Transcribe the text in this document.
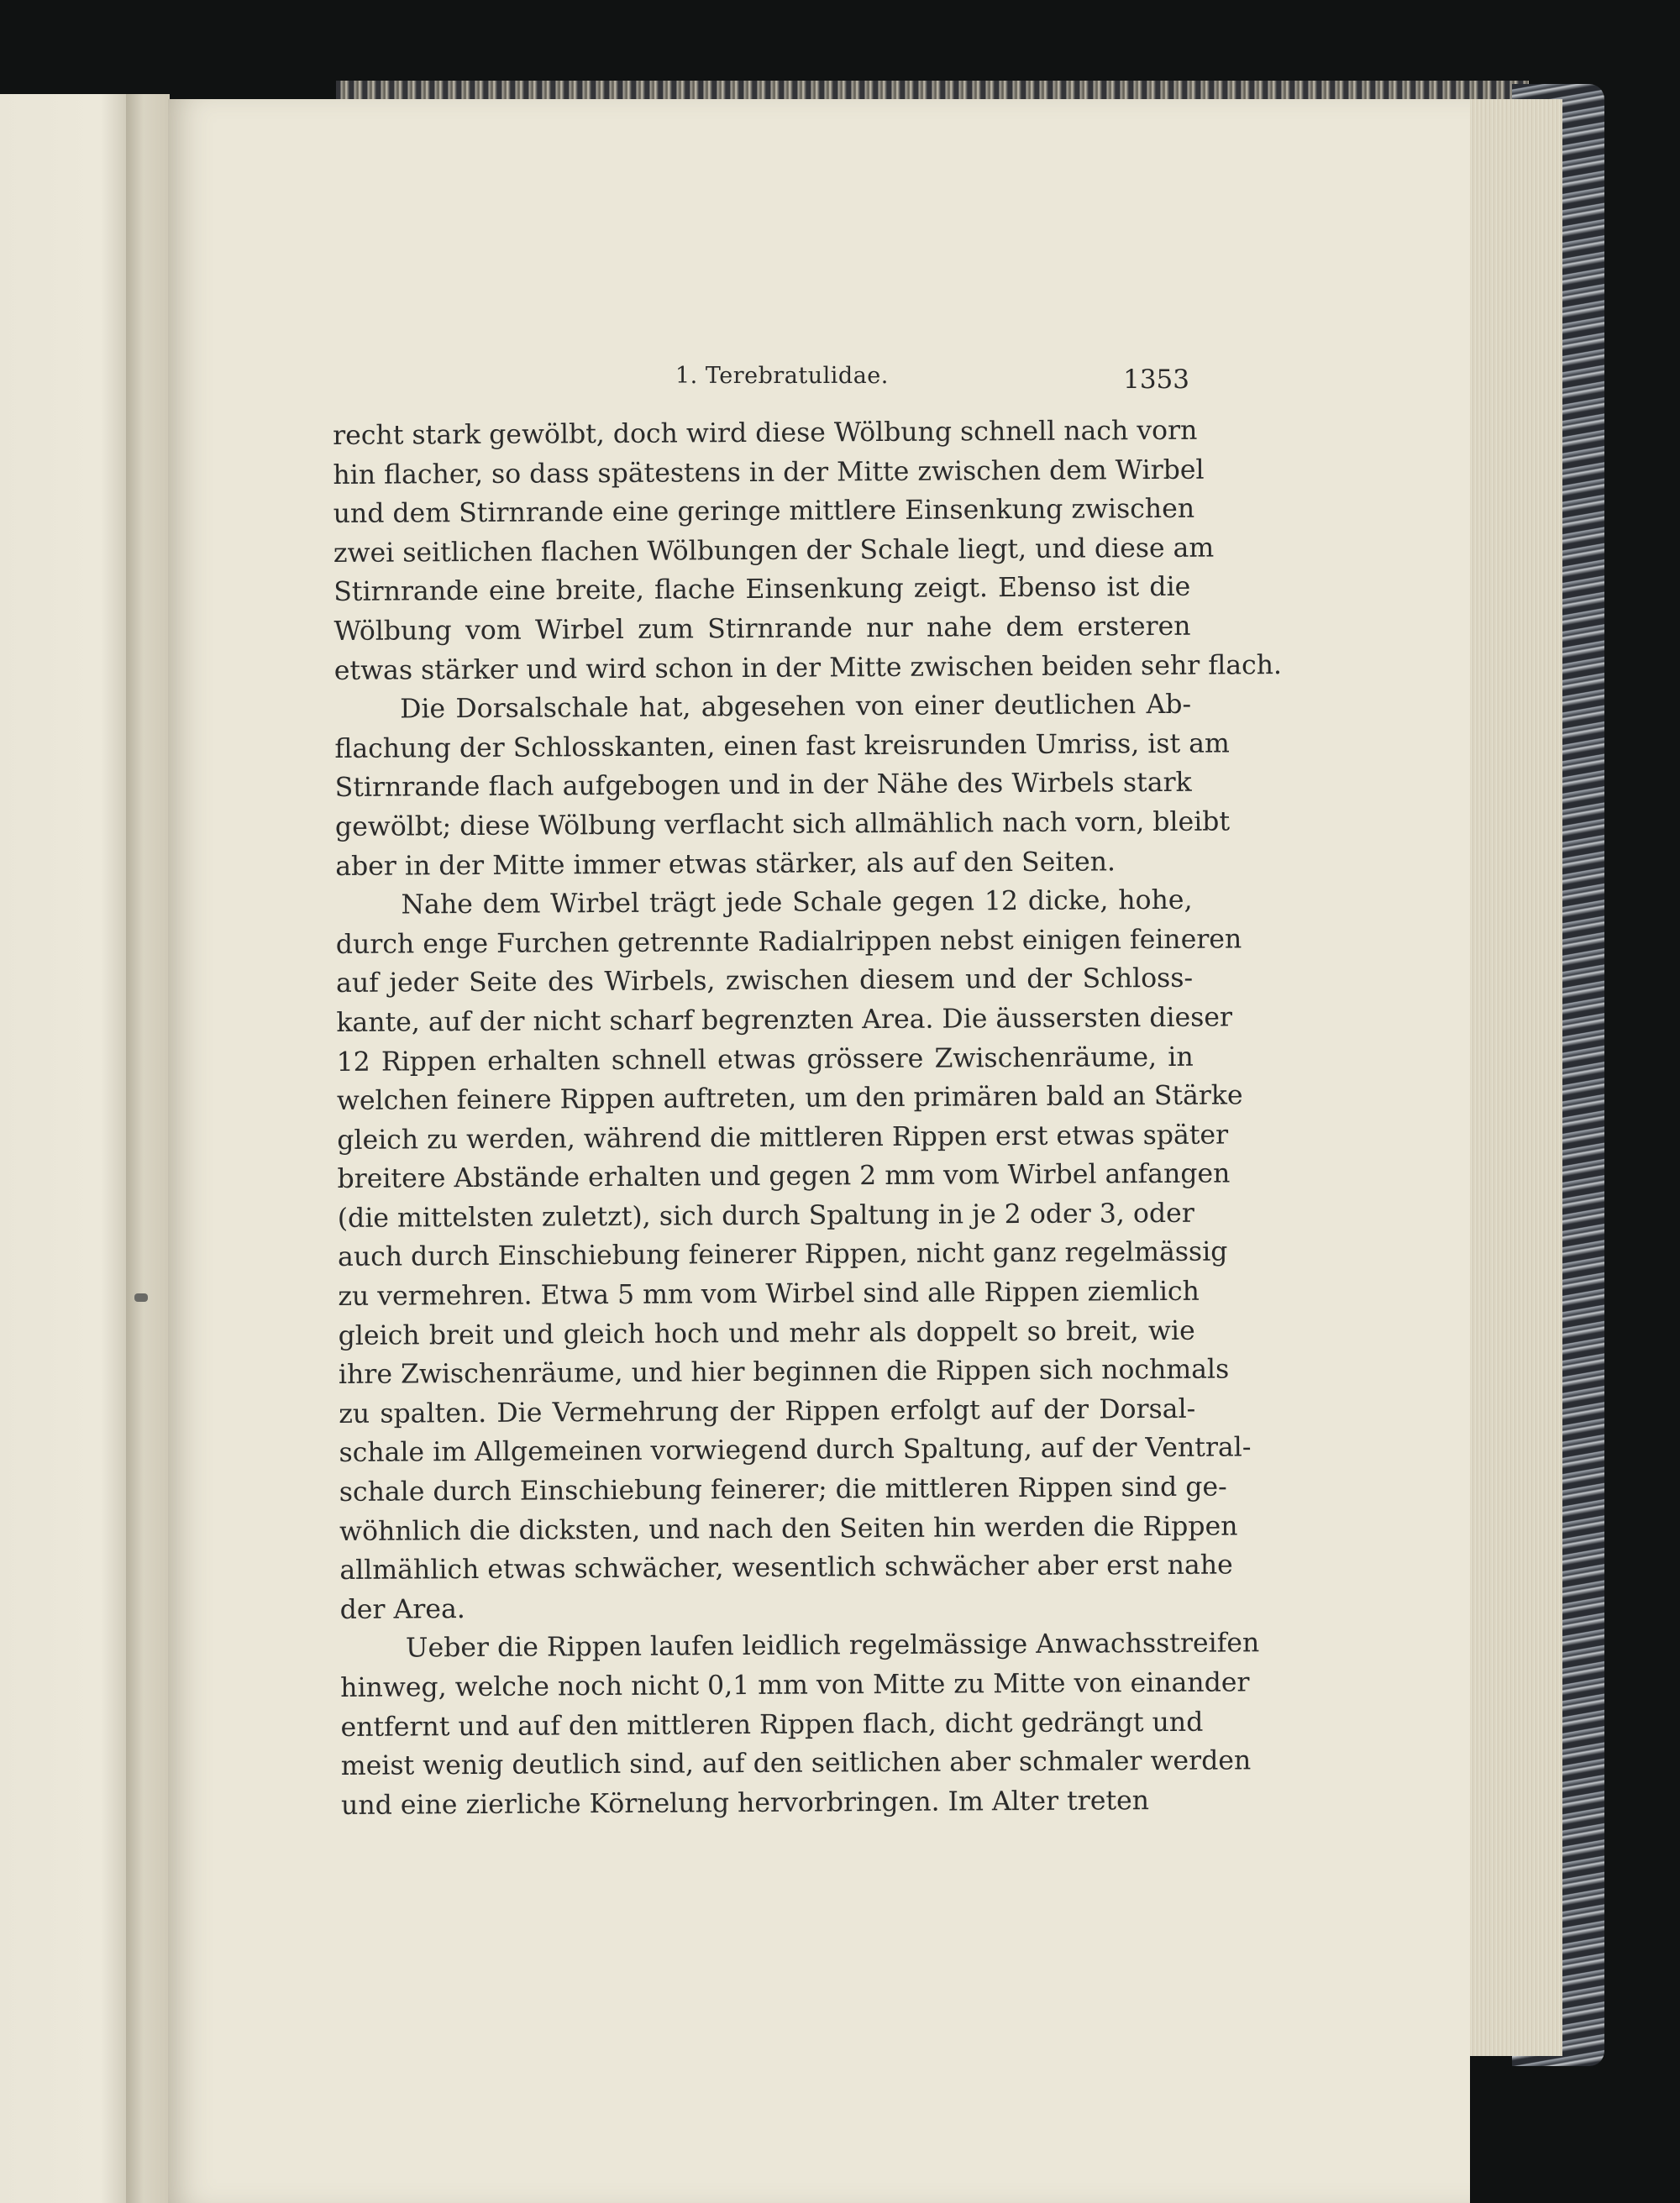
1. Terebratulidae.	1353

recht stark gewölbt, doch wird diese Wölbung schnell nach vorn
hin flacher, so dass spätestens in der Mitte zwischen dem Wirbel
und dem Stirnrande eine geringe mittlere Einsenkung zwischen
zwei seitlichen flachen Wölbungen der Schale liegt, und diese am
Stirnrande eine breite, flache Einsenkung zeigt. Ebenso ist die
Wölbung vom Wirbel zum Stirnrande nur nahe dem ersteren
etwas stärker und wird schon in der Mitte zwischen beiden sehr flach.

Die Dorsalschale hat, abgesehen von einer deutlichen Ab-
flachung der Schlosskanten, einen fast kreisrunden Umriss, ist am
Stirnrande flach aufgebogen und in der Nähe des Wirbels stark
gewölbt; diese Wölbung verflacht sich allmählich nach vorn, bleibt
aber in der Mitte immer etwas stärker, als auf den Seiten.

Nahe dem Wirbel trägt jede Schale gegen 12 dicke, hohe,
durch enge Furchen getrennte Radialrippen nebst einigen feineren
auf jeder Seite des Wirbels, zwischen diesem und der Schloss-
kante, auf der nicht scharf begrenzten Area. Die äussersten dieser
12 Rippen erhalten schnell etwas grössere Zwischenräume, in
welchen feinere Rippen auftreten, um den primären bald an Stärke
gleich zu werden, während die mittleren Rippen erst etwas später
breitere Abstände erhalten und gegen 2 mm vom Wirbel anfangen
(die mittelsten zuletzt), sich durch Spaltung in je 2 oder 3, oder
auch durch Einschiebung feinerer Rippen, nicht ganz regelmässig
zu vermehren. Etwa 5 mm vom Wirbel sind alle Rippen ziemlich
gleich breit und gleich hoch und mehr als doppelt so breit, wie
ihre Zwischenräume, und hier beginnen die Rippen sich nochmals
zu spalten. Die Vermehrung der Rippen erfolgt auf der Dorsal-
schale im Allgemeinen vorwiegend durch Spaltung, auf der Ventral-
schale durch Einschiebung feinerer; die mittleren Rippen sind ge-
wöhnlich die dicksten, und nach den Seiten hin werden die Rippen
allmählich etwas schwächer, wesentlich schwächer aber erst nahe
der Area.

Ueber die Rippen laufen leidlich regelmässige Anwachsstreifen
hinweg, welche noch nicht 0,1 mm von Mitte zu Mitte von einander
entfernt und auf den mittleren Rippen flach, dicht gedrängt und
meist wenig deutlich sind, auf den seitlichen aber schmaler werden
und eine zierliche Körnelung hervorbringen. Im Alter treten
